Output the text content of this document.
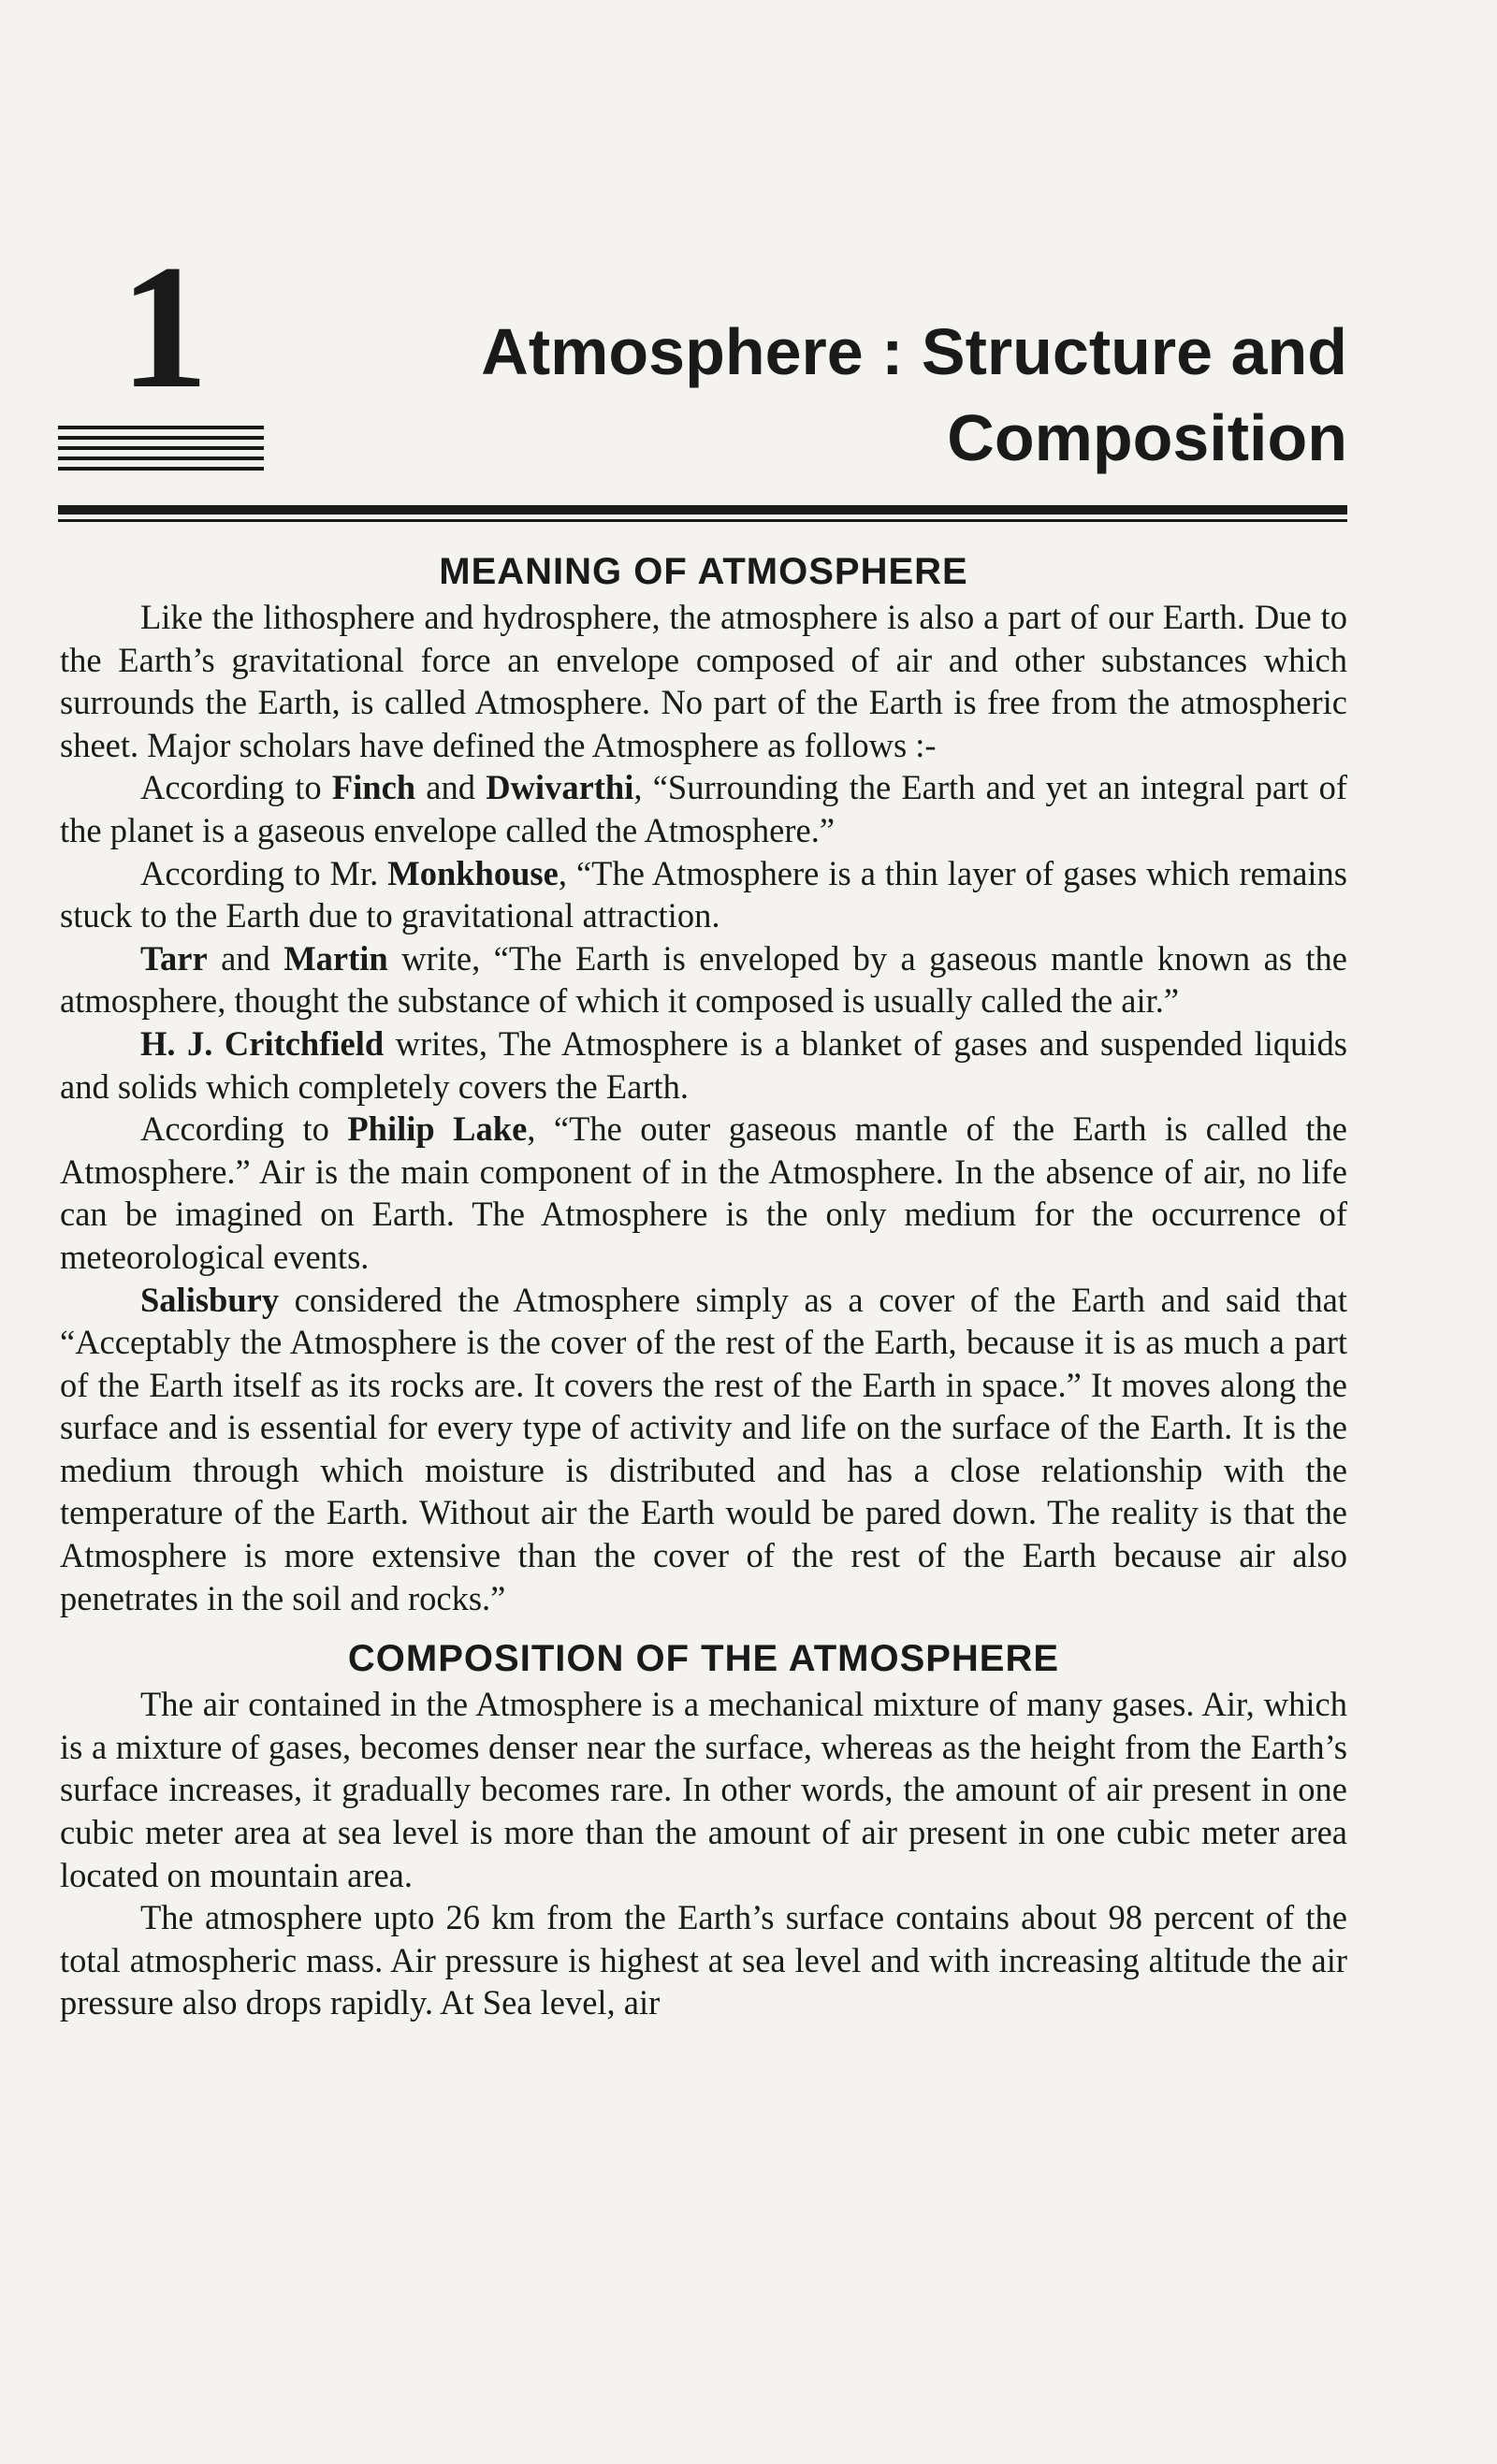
1	Atmosphere : Structure and
Composition
MEANING OF ATMOSPHERE

Like the lithosphere and hydrosphere, the atmosphere is also a part of our Earth. Due to the Earth’s gravitational force an envelope composed of air and other substances which surrounds the Earth, is called Atmosphere. No part of the Earth is free from the atmospheric sheet. Major scholars have defined the Atmosphere as follows :-

According to Finch and Dwivarthi, “Surrounding the Earth and yet an integral part of the planet is a gaseous envelope called the Atmosphere.”

According to Mr. Monkhouse, “The Atmosphere is a thin layer of gases which remains stuck to the Earth due to gravitational attraction.

Tarr and Martin write, “The Earth is enveloped by a gaseous mantle known as the atmosphere, thought the substance of which it composed is usually called the air.”

H. J. Critchfield writes, The Atmosphere is a blanket of gases and suspended liquids and solids which completely covers the Earth.

According to Philip Lake, “The outer gaseous mantle of the Earth is called the Atmosphere.” Air is the main component of in the Atmosphere. In the absence of air, no life can be imagined on Earth. The Atmosphere is the only medium for the occurrence of meteorological events.

Salisbury considered the Atmosphere simply as a cover of the Earth and said that “Acceptably the Atmosphere is the cover of the rest of the Earth, because it is as much a part of the Earth itself as its rocks are. It covers the rest of the Earth in space.” It moves along the surface and is essential for every type of activity and life on the surface of the Earth. It is the medium through which moisture is distributed and has a close relationship with the temperature of the Earth. Without air the Earth would be pared down. The reality is that the Atmosphere is more extensive than the cover of the rest of the Earth because air also penetrates in the soil and rocks.”

COMPOSITION OF THE ATMOSPHERE

The air contained in the Atmosphere is a mechanical mixture of many gases. Air, which is a mixture of gases, becomes denser near the surface, whereas as the height from the Earth’s surface increases, it gradually becomes rare. In other words, the amount of air present in one cubic meter area at sea level is more than the amount of air present in one cubic meter area located on mountain area.

The atmosphere upto 26 km from the Earth’s surface contains about 98 percent of the total atmospheric mass. Air pressure is highest at sea level and with increasing altitude the air pressure also drops rapidly. At Sea level, air
